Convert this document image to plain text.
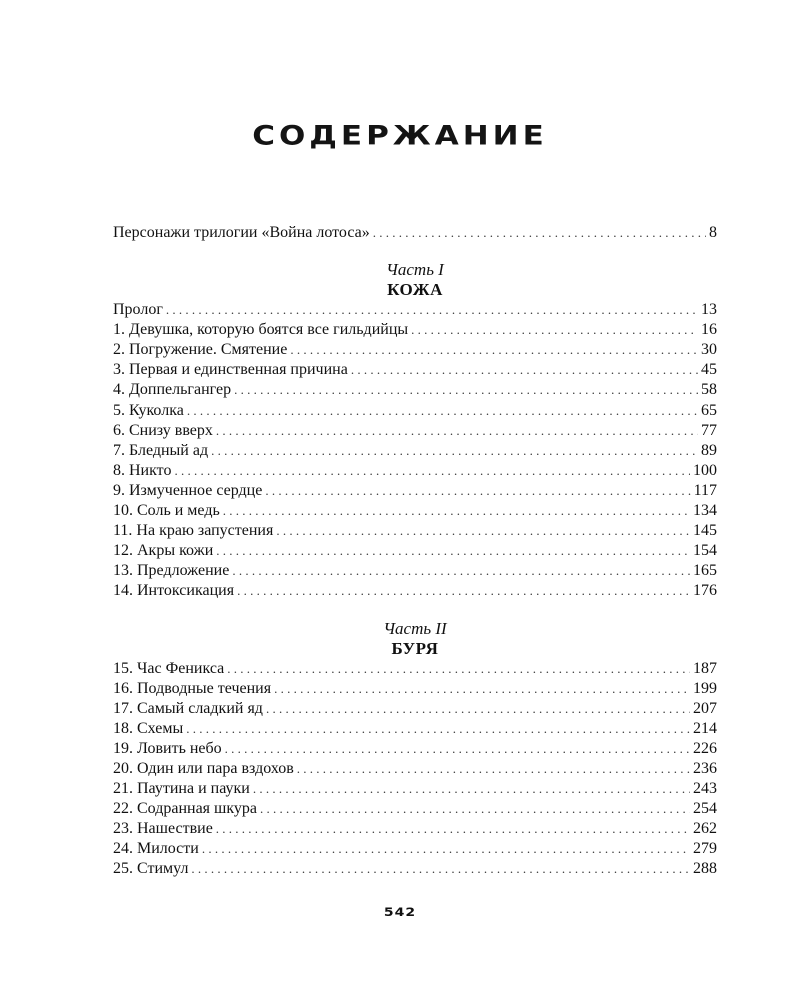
СОДЕРЖАНИЕ
Персонажи трилогии «Война лотоса» . . .	8
Часть I
КОЖА
Пролог . . .	13
1. Девушка, которую боятся все гильдийцы . . .	16
2. Погружение. Смятение . . .	30
3. Первая и единственная причина . . .	45
4. Доппельгангер . . .	58
5. Куколка . . .	65
6. Снизу вверх . . .	77
7. Бледный ад . . .	89
8. Никто . . .	100
9. Измученное сердце . . .	117
10. Соль и медь . . .	134
11. На краю запустения . . .	145
12. Акры кожи . . .	154
13. Предложение . . .	165
14. Интоксикация . . .	176
Часть II
БУРЯ
15. Час Феникса . . .	187
16. Подводные течения . . .	199
17. Самый сладкий яд . . .	207
18. Схемы . . .	214
19. Ловить небо . . .	226
20. Один или пара вздохов . . .	236
21. Паутина и пауки . . .	243
22. Содранная шкура . . .	254
23. Нашествие . . .	262
24. Милости . . .	279
25. Стимул . . .	288
542
